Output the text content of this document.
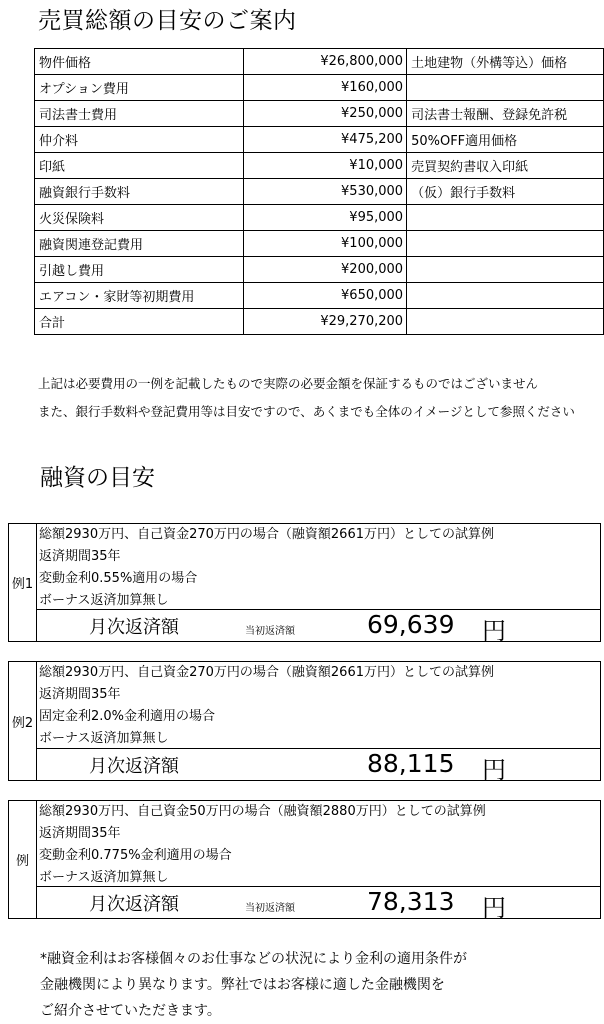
売買総額の目安のご案内
物件価格	¥26,800,000	土地建物（外構等込）価格
オプション費用	¥160,000	
司法書士費用	¥250,000	司法書士報酬、登録免許税
仲介料	¥475,200	50%OFF適用価格
印紙	¥10,000	売買契約書収入印紙
融資銀行手数料	¥530,000	（仮）銀行手数料
火災保険料	¥95,000	
融資関連登記費用	¥100,000	
引越し費用	¥200,000	
エアコン・家財等初期費用	¥650,000	
合計	¥29,270,200	
上記は必要費用の一例を記載したもので実際の必要金額を保証するものではございません
また、銀行手数料や登記費用等は目安ですので、あくまでも全体のイメージとして参照ください
融資の目安
例1
総額2930万円、自己資金270万円の場合（融資額2661万円）としての試算例
返済期間35年
変動金利0.55%適用の場合
ボーナス返済加算無し
月次返済額	当初返済額	69,639 円
例2
総額2930万円、自己資金270万円の場合（融資額2661万円）としての試算例
返済期間35年
固定金利2.0%金利適用の場合
ボーナス返済加算無し
月次返済額	88,115 円
例
総額2930万円、自己資金50万円の場合（融資額2880万円）としての試算例
返済期間35年
変動金利0.775%金利適用の場合
ボーナス返済加算無し
月次返済額	当初返済額	78,313 円
*融資金利はお客様個々のお仕事などの状況により金利の適用条件が
金融機関により異なります。弊社ではお客様に適した金融機関を
ご紹介させていただきます。
